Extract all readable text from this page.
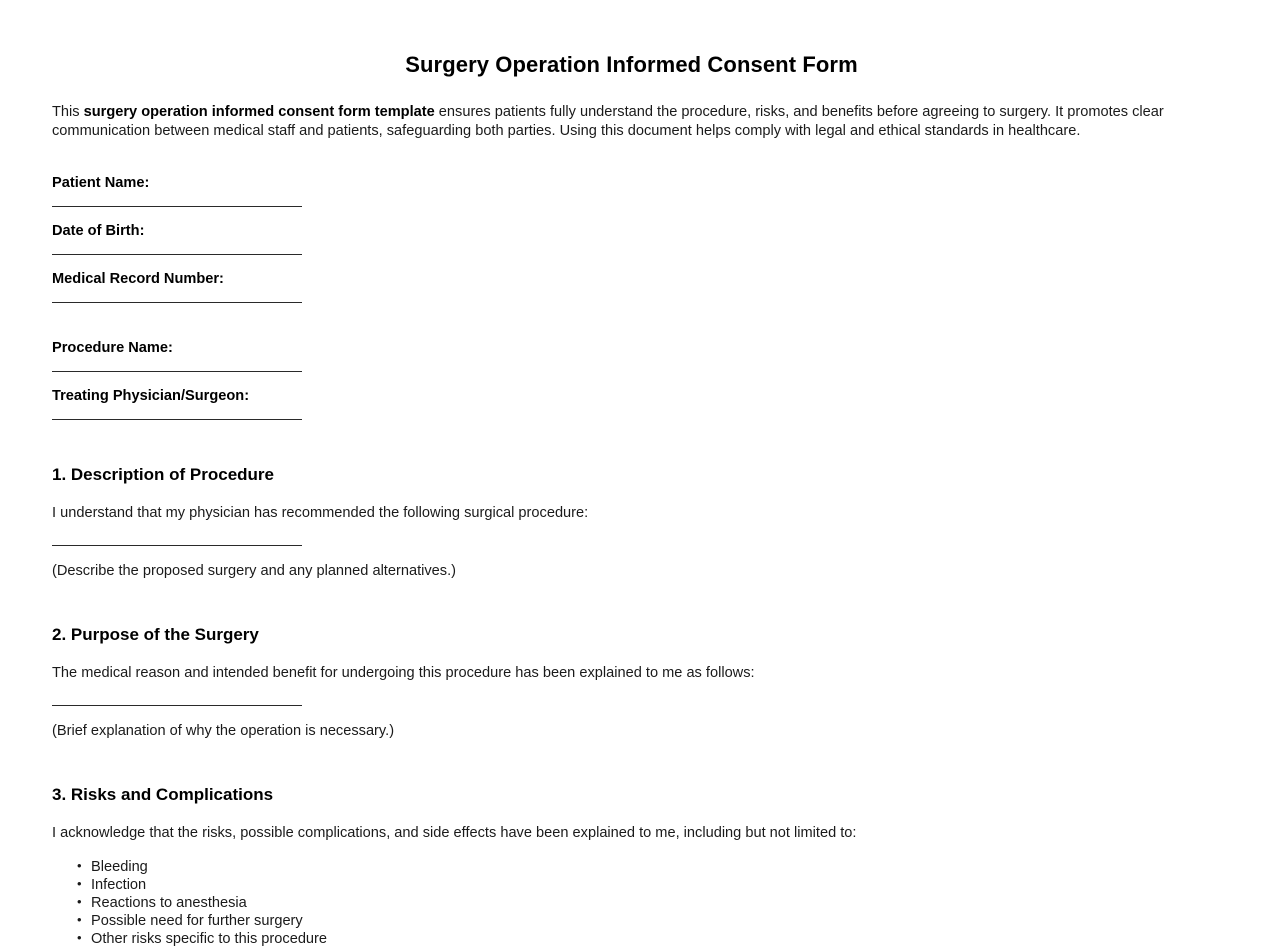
Surgery Operation Informed Consent Form

This surgery operation informed consent form template ensures patients fully understand the procedure, risks, and benefits before agreeing to surgery. It promotes clear communication between medical staff and patients, safeguarding both parties. Using this document helps comply with legal and ethical standards in healthcare.

Patient Name:
Date of Birth:
Medical Record Number:
Procedure Name:
Treating Physician/Surgeon:
1. Description of Procedure

I understand that my physician has recommended the following surgical procedure:

(Describe the proposed surgery and any planned alternatives.)

2. Purpose of the Surgery

The medical reason and intended benefit for undergoing this procedure has been explained to me as follows:

(Brief explanation of why the operation is necessary.)

3. Risks and Complications

I acknowledge that the risks, possible complications, and side effects have been explained to me, including but not limited to:

• Bleeding
• Infection
• Reactions to anesthesia
• Possible need for further surgery
• Other risks specific to this procedure
